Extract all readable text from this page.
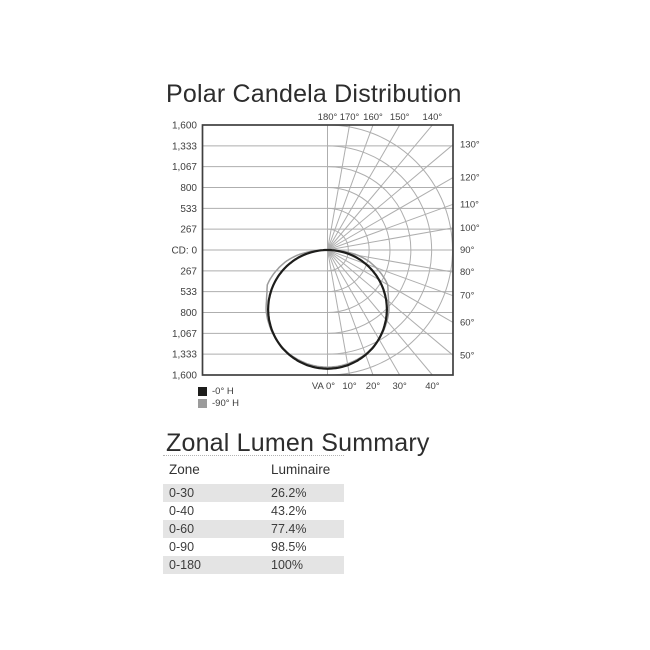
Polar Candela Distribution
267
267
533
533
800
800
1,067
1,067
1,333
1,333
1,600
1,600
CD: 0
180° 170° 160° 150° 140°
130°
120°
110°
100°
90°
80°
70°
60°
50°
VA 0° 10° 20° 30° 40°
-0° H
-90° H
Zonal Lumen Summary
Zone	Luminaire
0-30	26.2%
0-40	43.2%
0-60	77.4%
0-90	98.5%
0-180	100%
